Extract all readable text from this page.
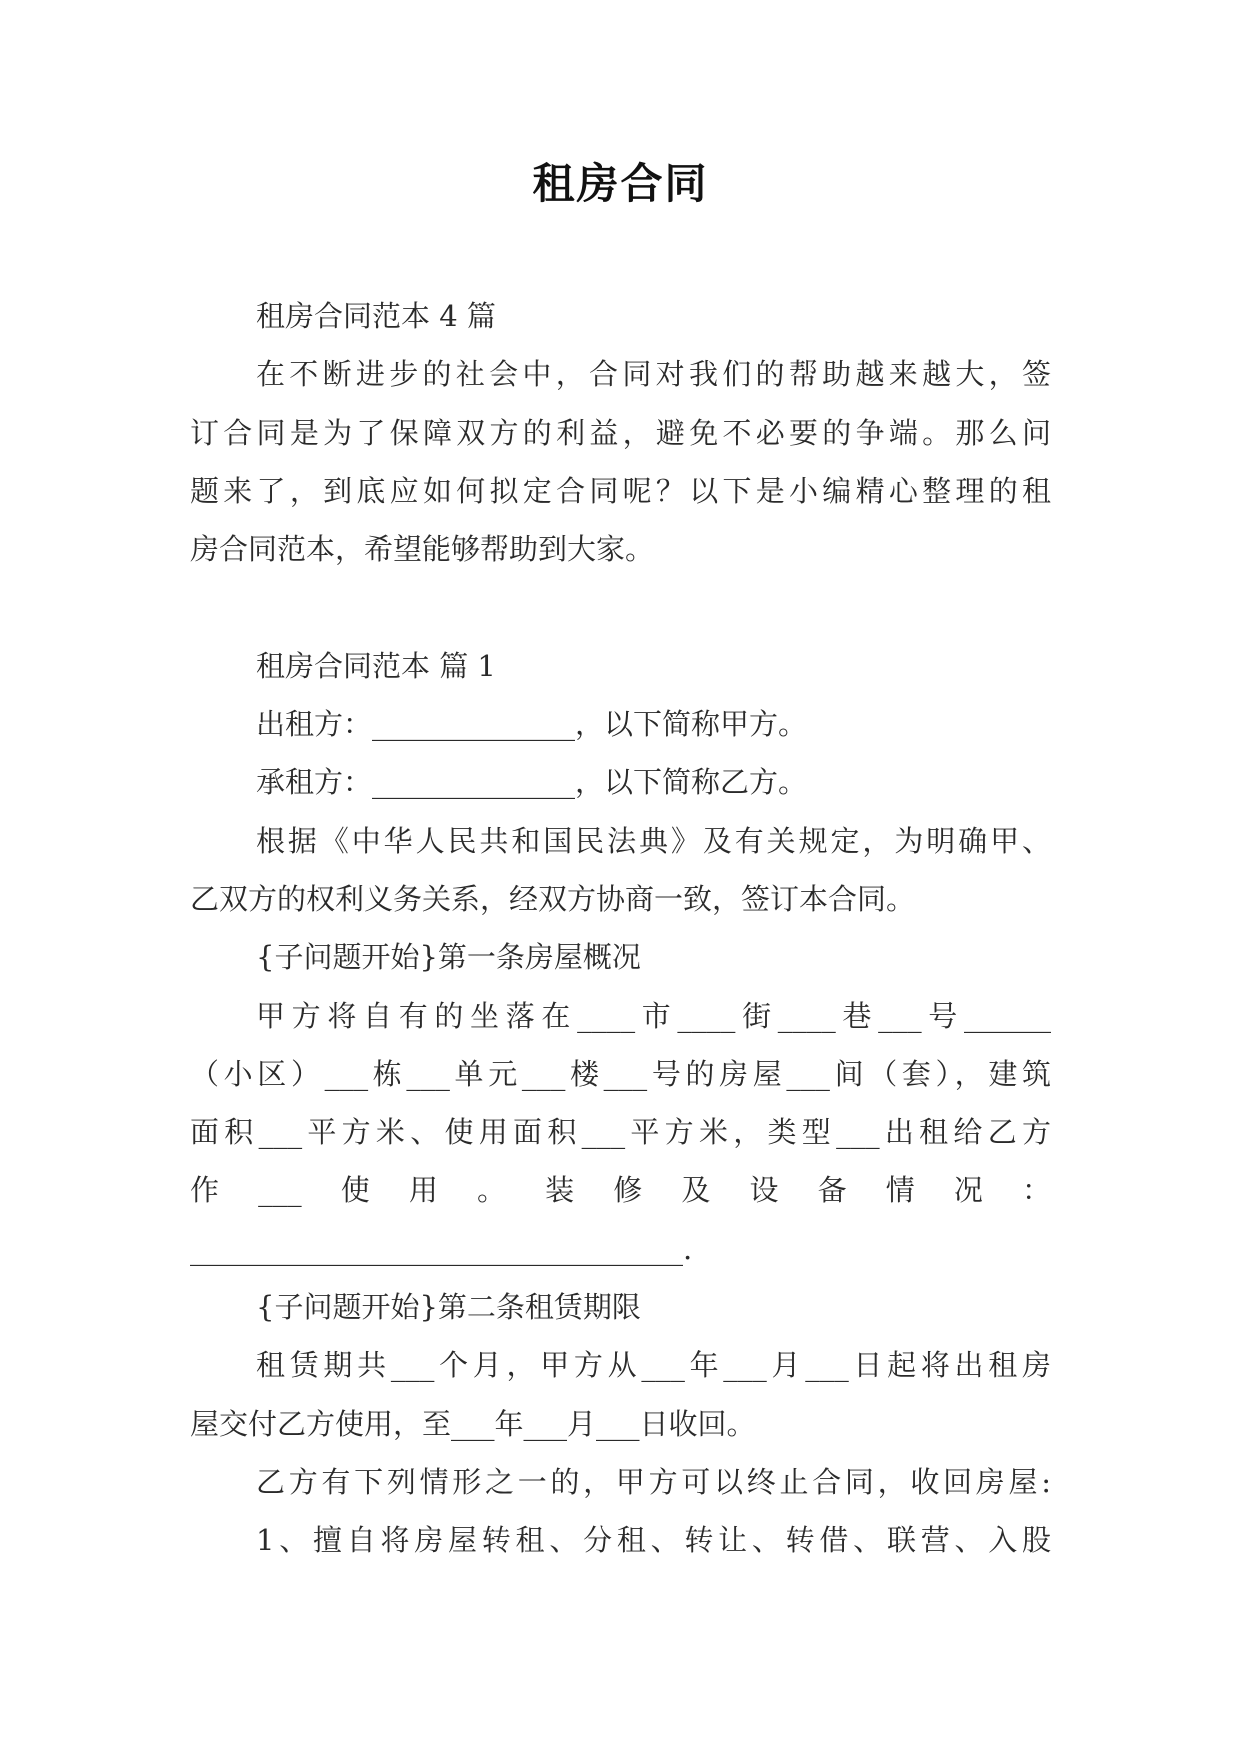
租房合同
租房合同范本 4 篇
在不断进步的社会中，合同对我们的帮助越来越大，签
订合同是为了保障双方的利益，避免不必要的争端。那么问
题来了，到底应如何拟定合同呢？以下是小编精心整理的租
房合同范本，希望能够帮助到大家。
租房合同范本 篇 1
出租方：______________，以下简称甲方。
承租方：______________，以下简称乙方。
根据《中华人民共和国民法典》及有关规定，为明确甲、
乙双方的权利义务关系，经双方协商一致，签订本合同。
{子问题开始}第一条房屋概况
甲方将自有的坐落在____市____街____巷___号______
（小区）___栋___单元___楼___号的房屋___间（套），建筑
面积___平方米、使用面积___平方米，类型___出租给乙方
作___使用。装修及设备情况：
__________________________________.
{子问题开始}第二条租赁期限
租赁期共___个月，甲方从___年___月___日起将出租房
屋交付乙方使用，至___年___月___日收回。
乙方有下列情形之一的，甲方可以终止合同，收回房屋:
1、擅自将房屋转租、分租、转让、转借、联营、入股
